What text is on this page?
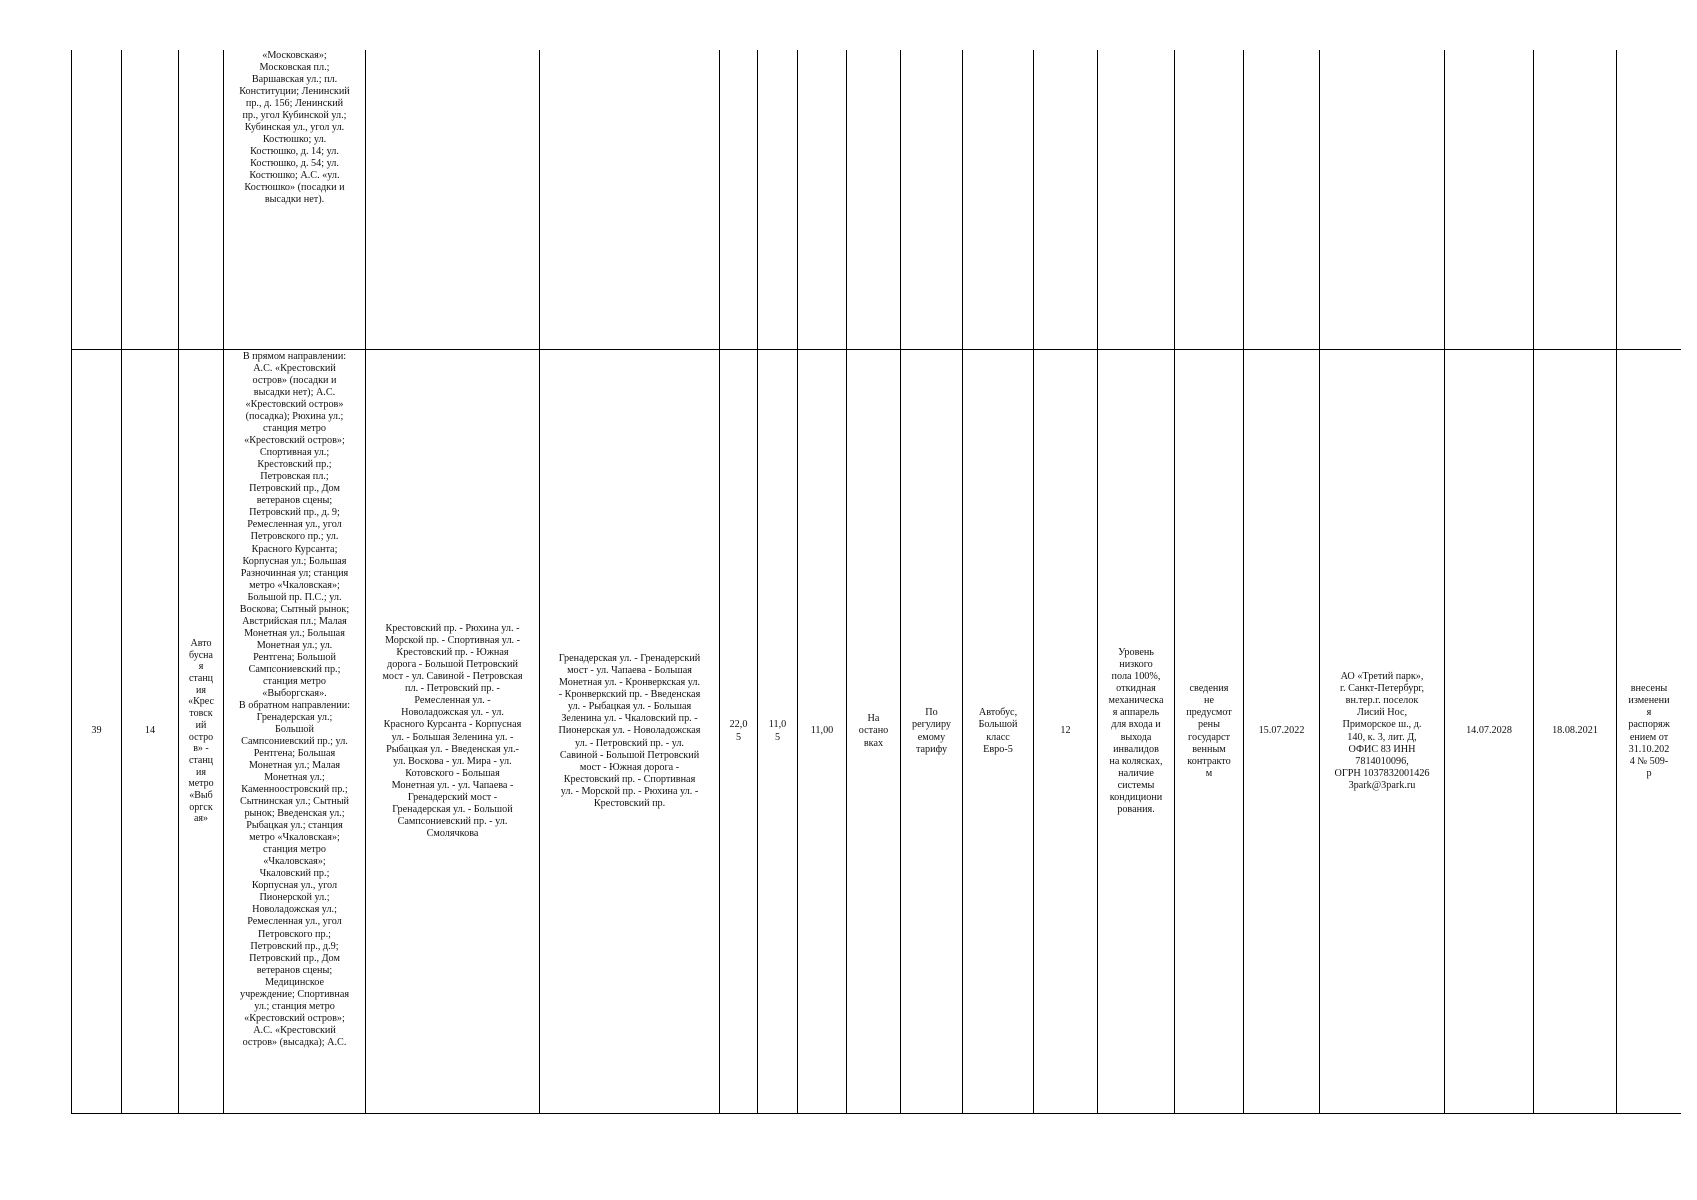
«Московская»;
Московская пл.;
Варшавская ул.; пл.
Конституции; Ленинский
пр., д. 156; Ленинский
пр., угол Кубинской ул.;
Кубинская ул., угол ул.
Костюшко; ул.
Костюшко, д. 14; ул.
Костюшко, д. 54; ул.
Костюшко; А.С. «ул.
Костюшко» (посадки и
высадки нет).
39	14
Авто
бусна
я
станц
ия
«Крес
товск
ий
остро
в» -
станц
ия
метро
«Выб
оргск
ая»
В прямом направлении:
А.С. «Крестовский
остров» (посадки и
высадки нет); А.С.
«Крестовский остров»
(посадка); Рюхина ул.;
станция метро
«Крестовский остров»;
Спортивная ул.;
Крестовский пр.;
Петровская пл.;
Петровский пр., Дом
ветеранов сцены;
Петровский пр., д. 9;
Ремесленная ул., угол
Петровского пр.; ул.
Красного Курсанта;
Корпусная ул.; Большая
Разночинная ул; станция
метро «Чкаловская»;
Большой пр. П.С.; ул.
Воскова; Сытный рынок;
Австрийская пл.; Малая
Монетная ул.; Большая
Монетная ул.; ул.
Рентгена; Большой
Сампсониевский пр.;
станция метро
«Выборгская».
В обратном направлении:
Гренадерская ул.;
Большой
Сампсониевский пр.; ул.
Рентгена; Большая
Монетная ул.; Малая
Монетная ул.;
Каменноостровский пр.;
Сытнинская ул.; Сытный
рынок; Введенская ул.;
Рыбацкая ул.; станция
метро «Чкаловская»;
станция метро
«Чкаловская»;
Чкаловский пр.;
Корпусная ул., угол
Пионерской ул.;
Новоладожская ул.;
Ремесленная ул., угол
Петровского пр.;
Петровский пр., д.9;
Петровский пр., Дом
ветеранов сцены;
Медицинское
учреждение; Спортивная
ул.; станция метро
«Крестовский остров»;
А.С. «Крестовский
остров» (высадка); А.С.
Крестовский пр. - Рюхина ул. -
Морской пр. - Спортивная ул. -
Крестовский пр. - Южная
дорога - Большой Петровский
мост - ул. Савиной - Петровская
пл. - Петровский пр. -
Ремесленная ул. -
Новоладожская ул. - ул.
Красного Курсанта - Корпусная
ул. - Большая Зеленина ул. -
Рыбацкая ул. - Введенская ул.-
ул. Воскова - ул. Мира - ул.
Котовского - Большая
Монетная ул. - ул. Чапаева -
Гренадерский мост -
Гренадерская ул. - Большой
Сампсониевский пр. - ул.
Смолячкова
Гренадерская ул. - Гренадерский
мост - ул. Чапаева - Большая
Монетная ул. - Кронверкская ул.
- Кронверкский пр. - Введенская
ул. - Рыбацкая ул. - Большая
Зеленина ул. - Чкаловский пр. -
Пионерская ул. - Новоладожская
ул. - Петровский пр. - ул.
Савиной - Большой Петровский
мост - Южная дорога -
Крестовский пр. - Спортивная
ул. - Морской пр. - Рюхина ул. -
Крестовский пр.
22,0
5
11,0
5
11,00
На
остано
вках
По
регулиру
емому
тарифу
Автобус,
Большой
класс
Евро-5
12
Уровень
низкого
пола 100%,
откидная
механическа
я аппарель
для входа и
выхода
инвалидов
на колясках,
наличие
системы
кондициони
рования.
сведения
не
предусмот
рены
государст
венным
контракто
м
15.07.2022
АО «Третий парк»,
г. Санкт-Петербург,
вн.тер.г. поселок
Лисий Нос,
Приморское ш., д.
140, к. 3, лит. Д,
ОФИС 83 ИНН
7814010096,
ОГРН 1037832001426
3park@3park.ru
14.07.2028	18.08.2021
внесены
изменени
я
распоряж
ением от
31.10.202
4 № 509-
р
